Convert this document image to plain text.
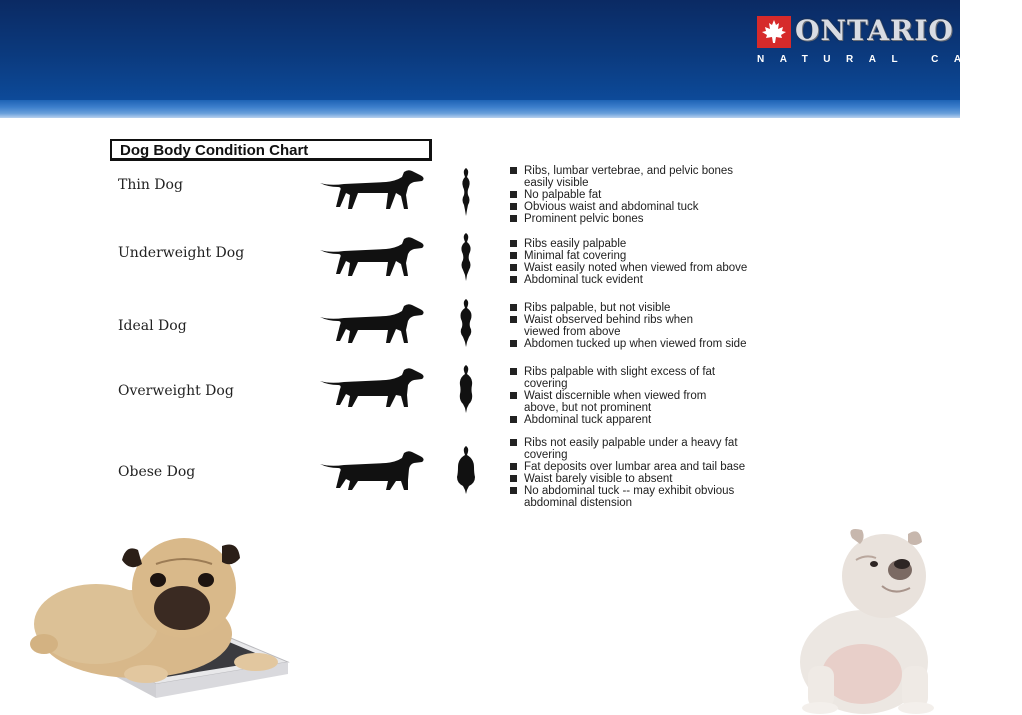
ONTARIO
NATURAL CARE
Dog Body Condition Chart
Thin Dog
Ribs, lumbar vertebrae, and pelvic bones
easily visible
No palpable fat
Obvious waist and abdominal tuck
Prominent pelvic bones
Underweight Dog
Ribs easily palpable
Minimal fat covering
Waist easily noted when viewed from above
Abdominal tuck evident
Ideal Dog
Ribs palpable, but not visible
Waist observed behind ribs when
viewed from above
Abdomen tucked up when viewed from side
Overweight Dog
Ribs palpable with slight excess of fat
covering
Waist discernible when viewed from
above, but not prominent
Abdominal tuck apparent
Obese Dog
Ribs not easily palpable under a heavy fat
covering
Fat deposits over lumbar area and tail base
Waist barely visible to absent
No abdominal tuck -- may exhibit obvious
abdominal distension
